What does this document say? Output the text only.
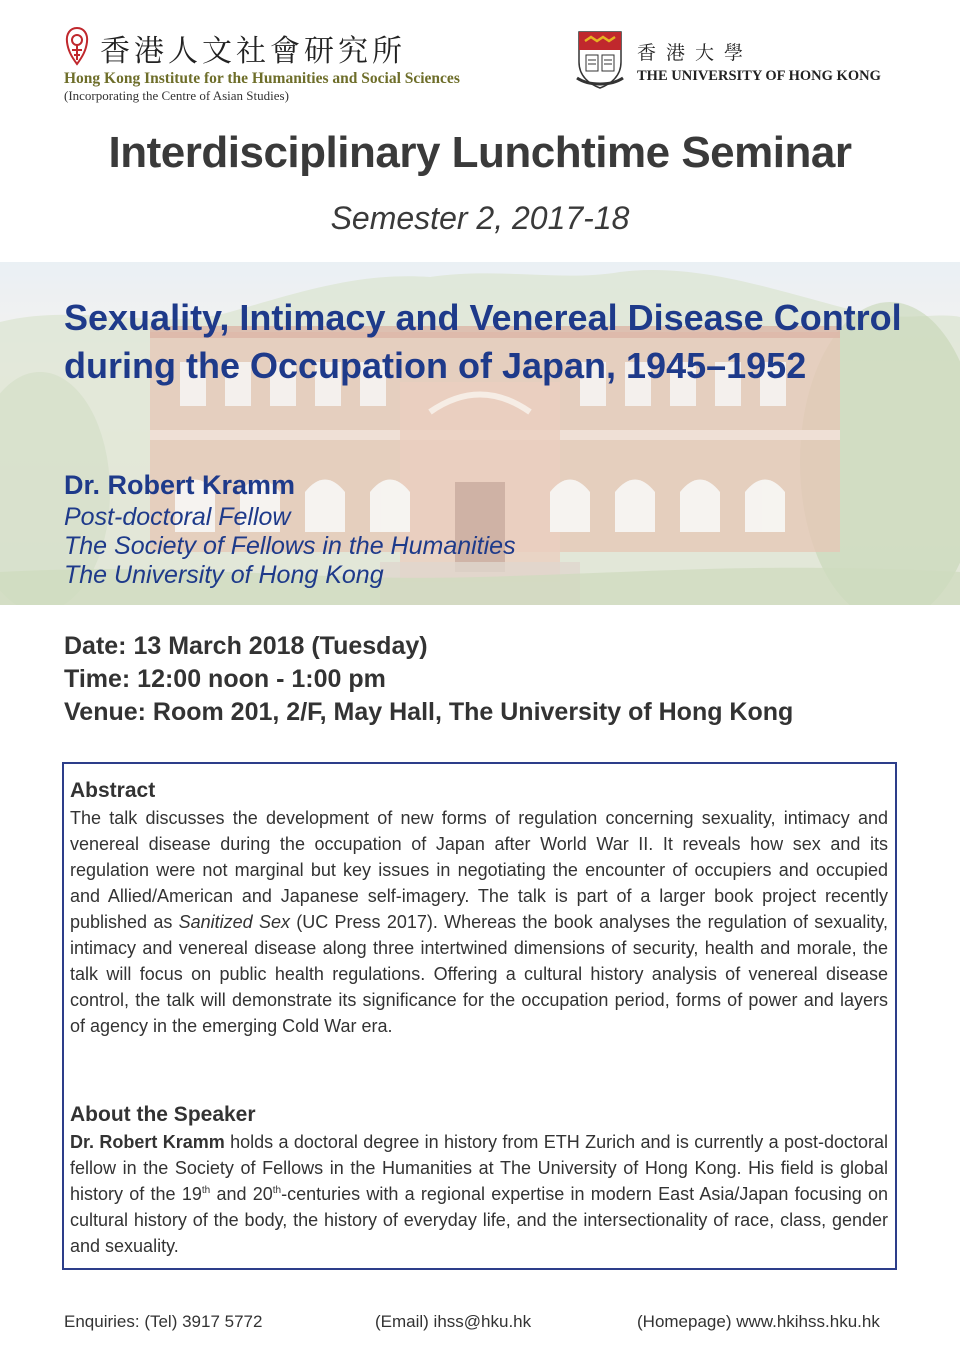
香港人文社會研究所
Hong Kong Institute for the Humanities and Social Sciences
(Incorporating the Centre of Asian Studies)
香港大學
THE UNIVERSITY OF HONG KONG
Interdisciplinary Lunchtime Seminar
Semester 2, 2017-18
Sexuality, Intimacy and Venereal Disease Control during the Occupation of Japan, 1945–1952
Dr. Robert Kramm
Post-doctoral Fellow
The Society of Fellows in the Humanities
The University of Hong Kong
Date: 13 March 2018 (Tuesday)
Time: 12:00 noon - 1:00 pm
Venue: Room 201, 2/F, May Hall, The University of Hong Kong
Abstract
The talk discusses the development of new forms of regulation concerning sexuality, intimacy and venereal disease during the occupation of Japan after World War II. It reveals how sex and its regulation were not marginal but key issues in negotiating the encounter of occupiers and occupied and Allied/American and Japanese self-imagery. The talk is part of a larger book project recently published as Sanitized Sex (UC Press 2017). Whereas the book analyses the regulation of sexuality, intimacy and venereal disease along three intertwined dimensions of security, health and morale, the talk will focus on public health regulations. Offering a cultural history analysis of venereal disease control, the talk will demonstrate its significance for the occupation period, forms of power and layers of agency in the emerging Cold War era.
About the Speaker
Dr. Robert Kramm holds a doctoral degree in history from ETH Zurich and is currently a post-doctoral fellow in the Society of Fellows in the Humanities at The University of Hong Kong. His field is global history of the 19th and 20th-centuries with a regional expertise in modern East Asia/Japan focusing on cultural history of the body, the history of everyday life, and the intersectionality of race, class, gender and sexuality.
Enquiries: (Tel) 3917 5772	(Email) ihss@hku.hk	(Homepage) www.hkihss.hku.hk
